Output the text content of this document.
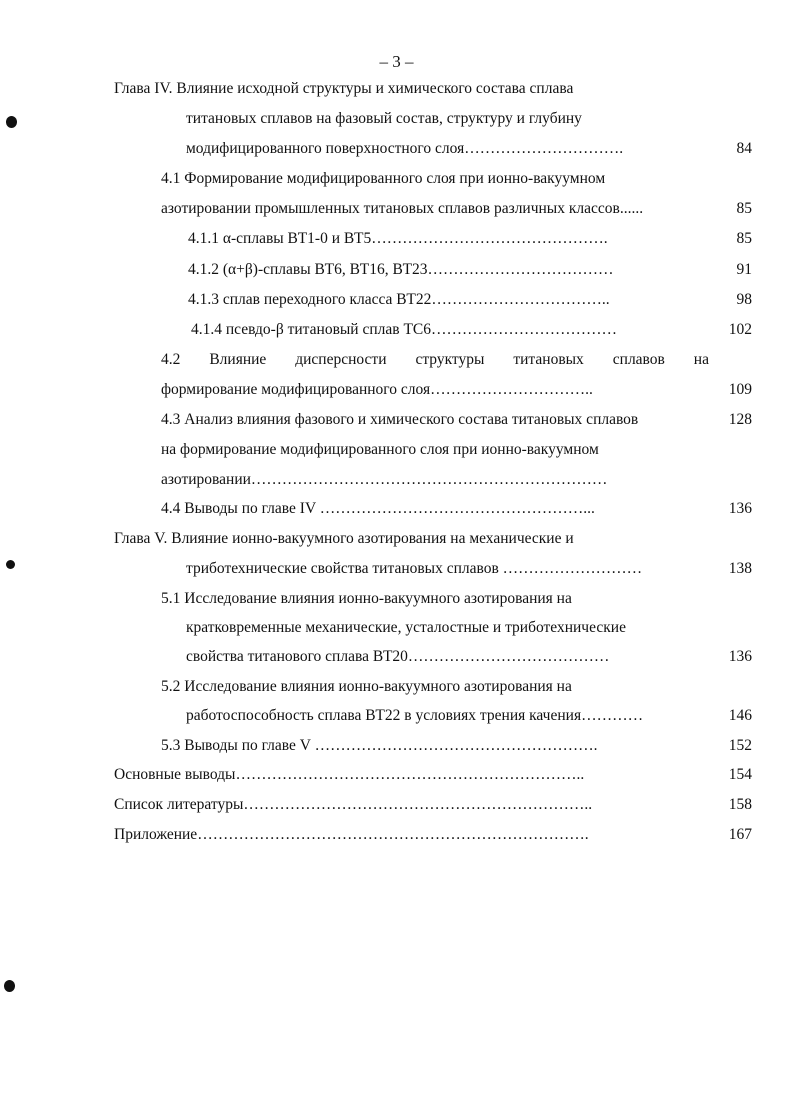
– 3 –
Глава IV. Влияние исходной структуры и химического состава сплава
титановых сплавов на фазовый состав, структуру и глубину
модифицированного поверхностного слоя………………………….	84
4.1 Формирование модифицированного слоя при ионно-вакуумном
азотировании промышленных титановых сплавов различных классов......	85
4.1.1 α-сплавы ВТ1-0 и ВТ5……………………………………….	85
4.1.2 (α+β)-сплавы ВТ6, ВТ16, ВТ23………………………………	91
4.1.3 сплав переходного класса ВТ22……………………………..	98
4.1.4 псевдо-β титановый сплав ТС6………………………………	102
4.2 Влияние дисперсности структуры титановых сплавов на
формирование модифицированного слоя…………………………..	109
4.3 Анализ влияния фазового и химического состава титановых сплавов	128
на формирование модифицированного слоя при ионно-вакуумном
азотировании……………………………………………………………
4.4 Выводы по главе IV ……………………………………………...	136
Глава V. Влияние ионно-вакуумного азотирования на механические и
триботехнические свойства титановых сплавов ………………………	138
5.1 Исследование влияния ионно-вакуумного азотирования на
кратковременные механические, усталостные и триботехнические
свойства титанового сплава ВТ20…………………………………	136
5.2 Исследование влияния ионно-вакуумного азотирования на
работоспособность сплава ВТ22 в условиях трения качения…………	146
5.3 Выводы по главе V ……………………………………………….	152
Основные выводы…………………………………………………………..	154
Список литературы…………………………………………………………..	158
Приложение………………………………………………………………….	167
